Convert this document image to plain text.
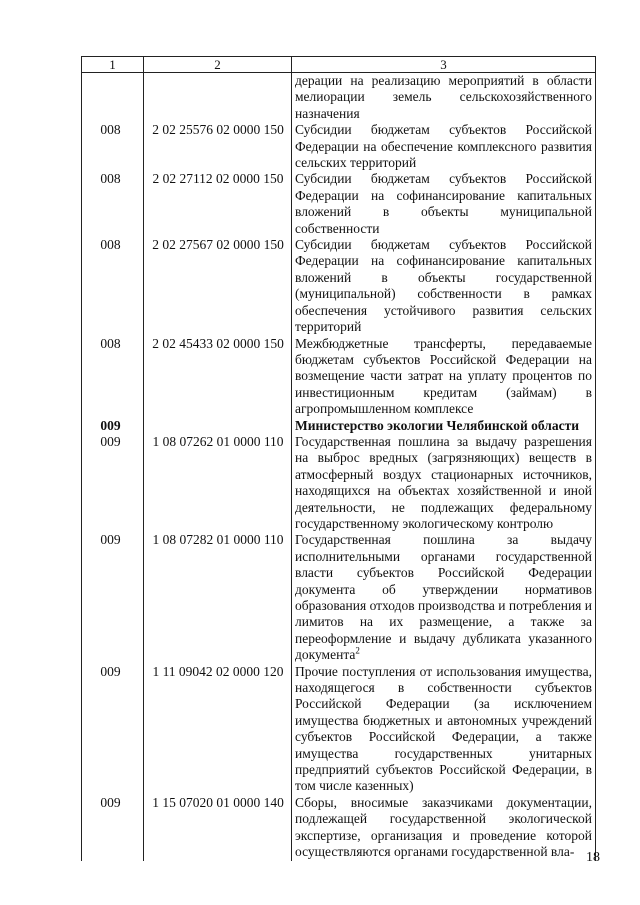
1	2	3
		дерации на реализацию мероприятий в области мелиорации земель сельскохозяйственного назначения
008	2 02 25576 02 0000 150	Субсидии бюджетам субъектов Российской Федерации на обеспечение комплексного развития сельских территорий
008	2 02 27112 02 0000 150	Субсидии бюджетам субъектов Российской Федерации на софинансирование капитальных вложений в объекты муниципальной собственности
008	2 02 27567 02 0000 150	Субсидии бюджетам субъектов Российской Федерации на софинансирование капитальных вложений в объекты государственной (муниципальной) собственности в рамках обеспечения устойчивого развития сельских территорий
008	2 02 45433 02 0000 150	Межбюджетные трансферты, передаваемые бюджетам субъектов Российской Федерации на возмещение части затрат на уплату процентов по инвестиционным кредитам (займам) в агропромышленном комплексе
009		Министерство экологии Челябинской области
009	1 08 07262 01 0000 110	Государственная пошлина за выдачу разрешения на выброс вредных (загрязняющих) веществ в атмосферный воздух стационарных источников, находящихся на объектах хозяйственной и иной деятельности, не подлежащих федеральному государственному экологическому контролю
009	1 08 07282 01 0000 110	Государственная пошлина за выдачу исполнительными органами государственной власти субъектов Российской Федерации документа об утверждении нормативов образования отходов производства и потребления и лимитов на их размещение, а также за переоформление и выдачу дубликата указанного документа$^2$
009	1 11 09042 02 0000 120	Прочие поступления от использования имущества, находящегося в собственности субъектов Российской Федерации (за исключением имущества бюджетных и автономных учреждений субъектов Российской Федерации, а также имущества государственных унитарных предприятий субъектов Российской Федерации, в том числе казенных)
009	1 15 07020 01 0000 140	Сборы, вносимые заказчиками документации, подлежащей государственной экологической экспертизе, организация и проведение которой осуществляются органами государственной вла- 18
